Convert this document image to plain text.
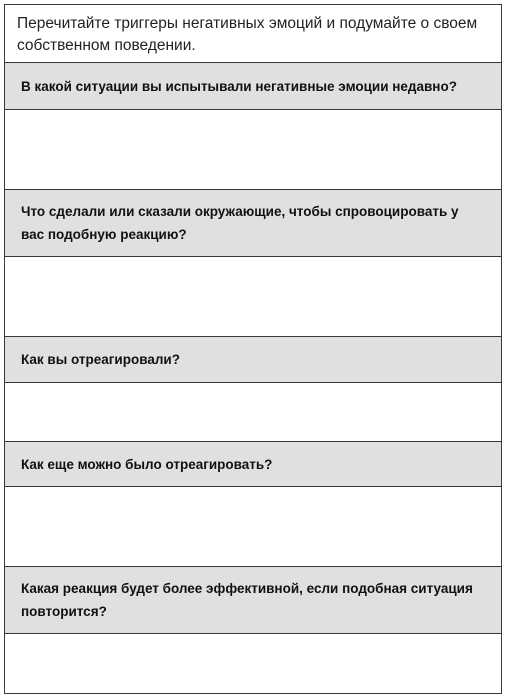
Перечитайте триггеры негативных эмоций и подумайте о своем собственном поведении.
В какой ситуации вы испытывали негативные эмоции недавно?
Что сделали или сказали окружающие, чтобы спровоцировать у вас подобную реакцию?
Как вы отреагировали?
Как еще можно было отреагировать?
Какая реакция будет более эффективной, если подобная ситуация повторится?
